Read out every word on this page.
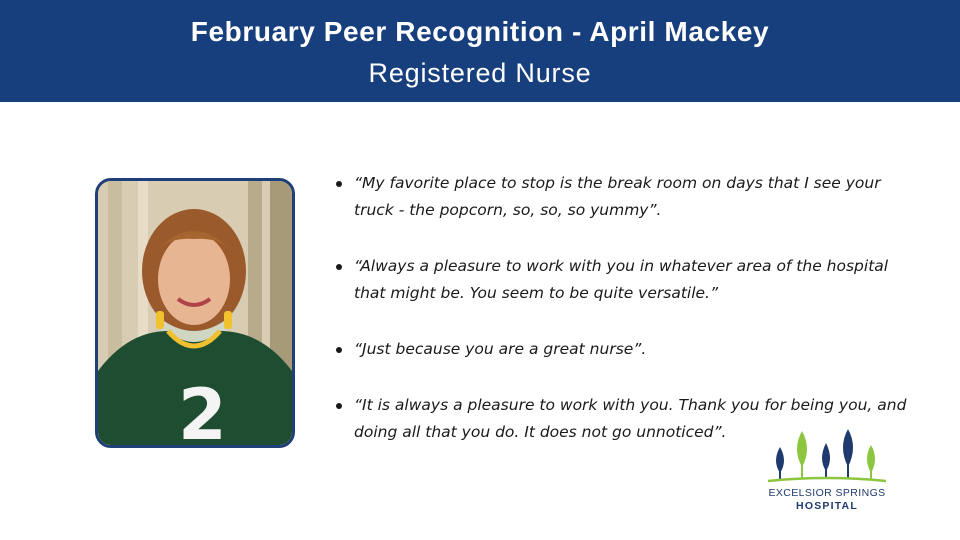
February Peer Recognition - April Mackey
Registered Nurse
2
“My favorite place to stop is the break room on days that I see your truck - the popcorn, so, so, so yummy”.
“Always a pleasure to work with you in whatever area of the hospital that might be. You seem to be quite versatile.”
“Just because you are a great nurse”.
“It is always a pleasure to work with you. Thank you for being you, and doing all that you do. It does not go unnoticed”.
EXCELSIOR SPRINGS
HOSPITAL
